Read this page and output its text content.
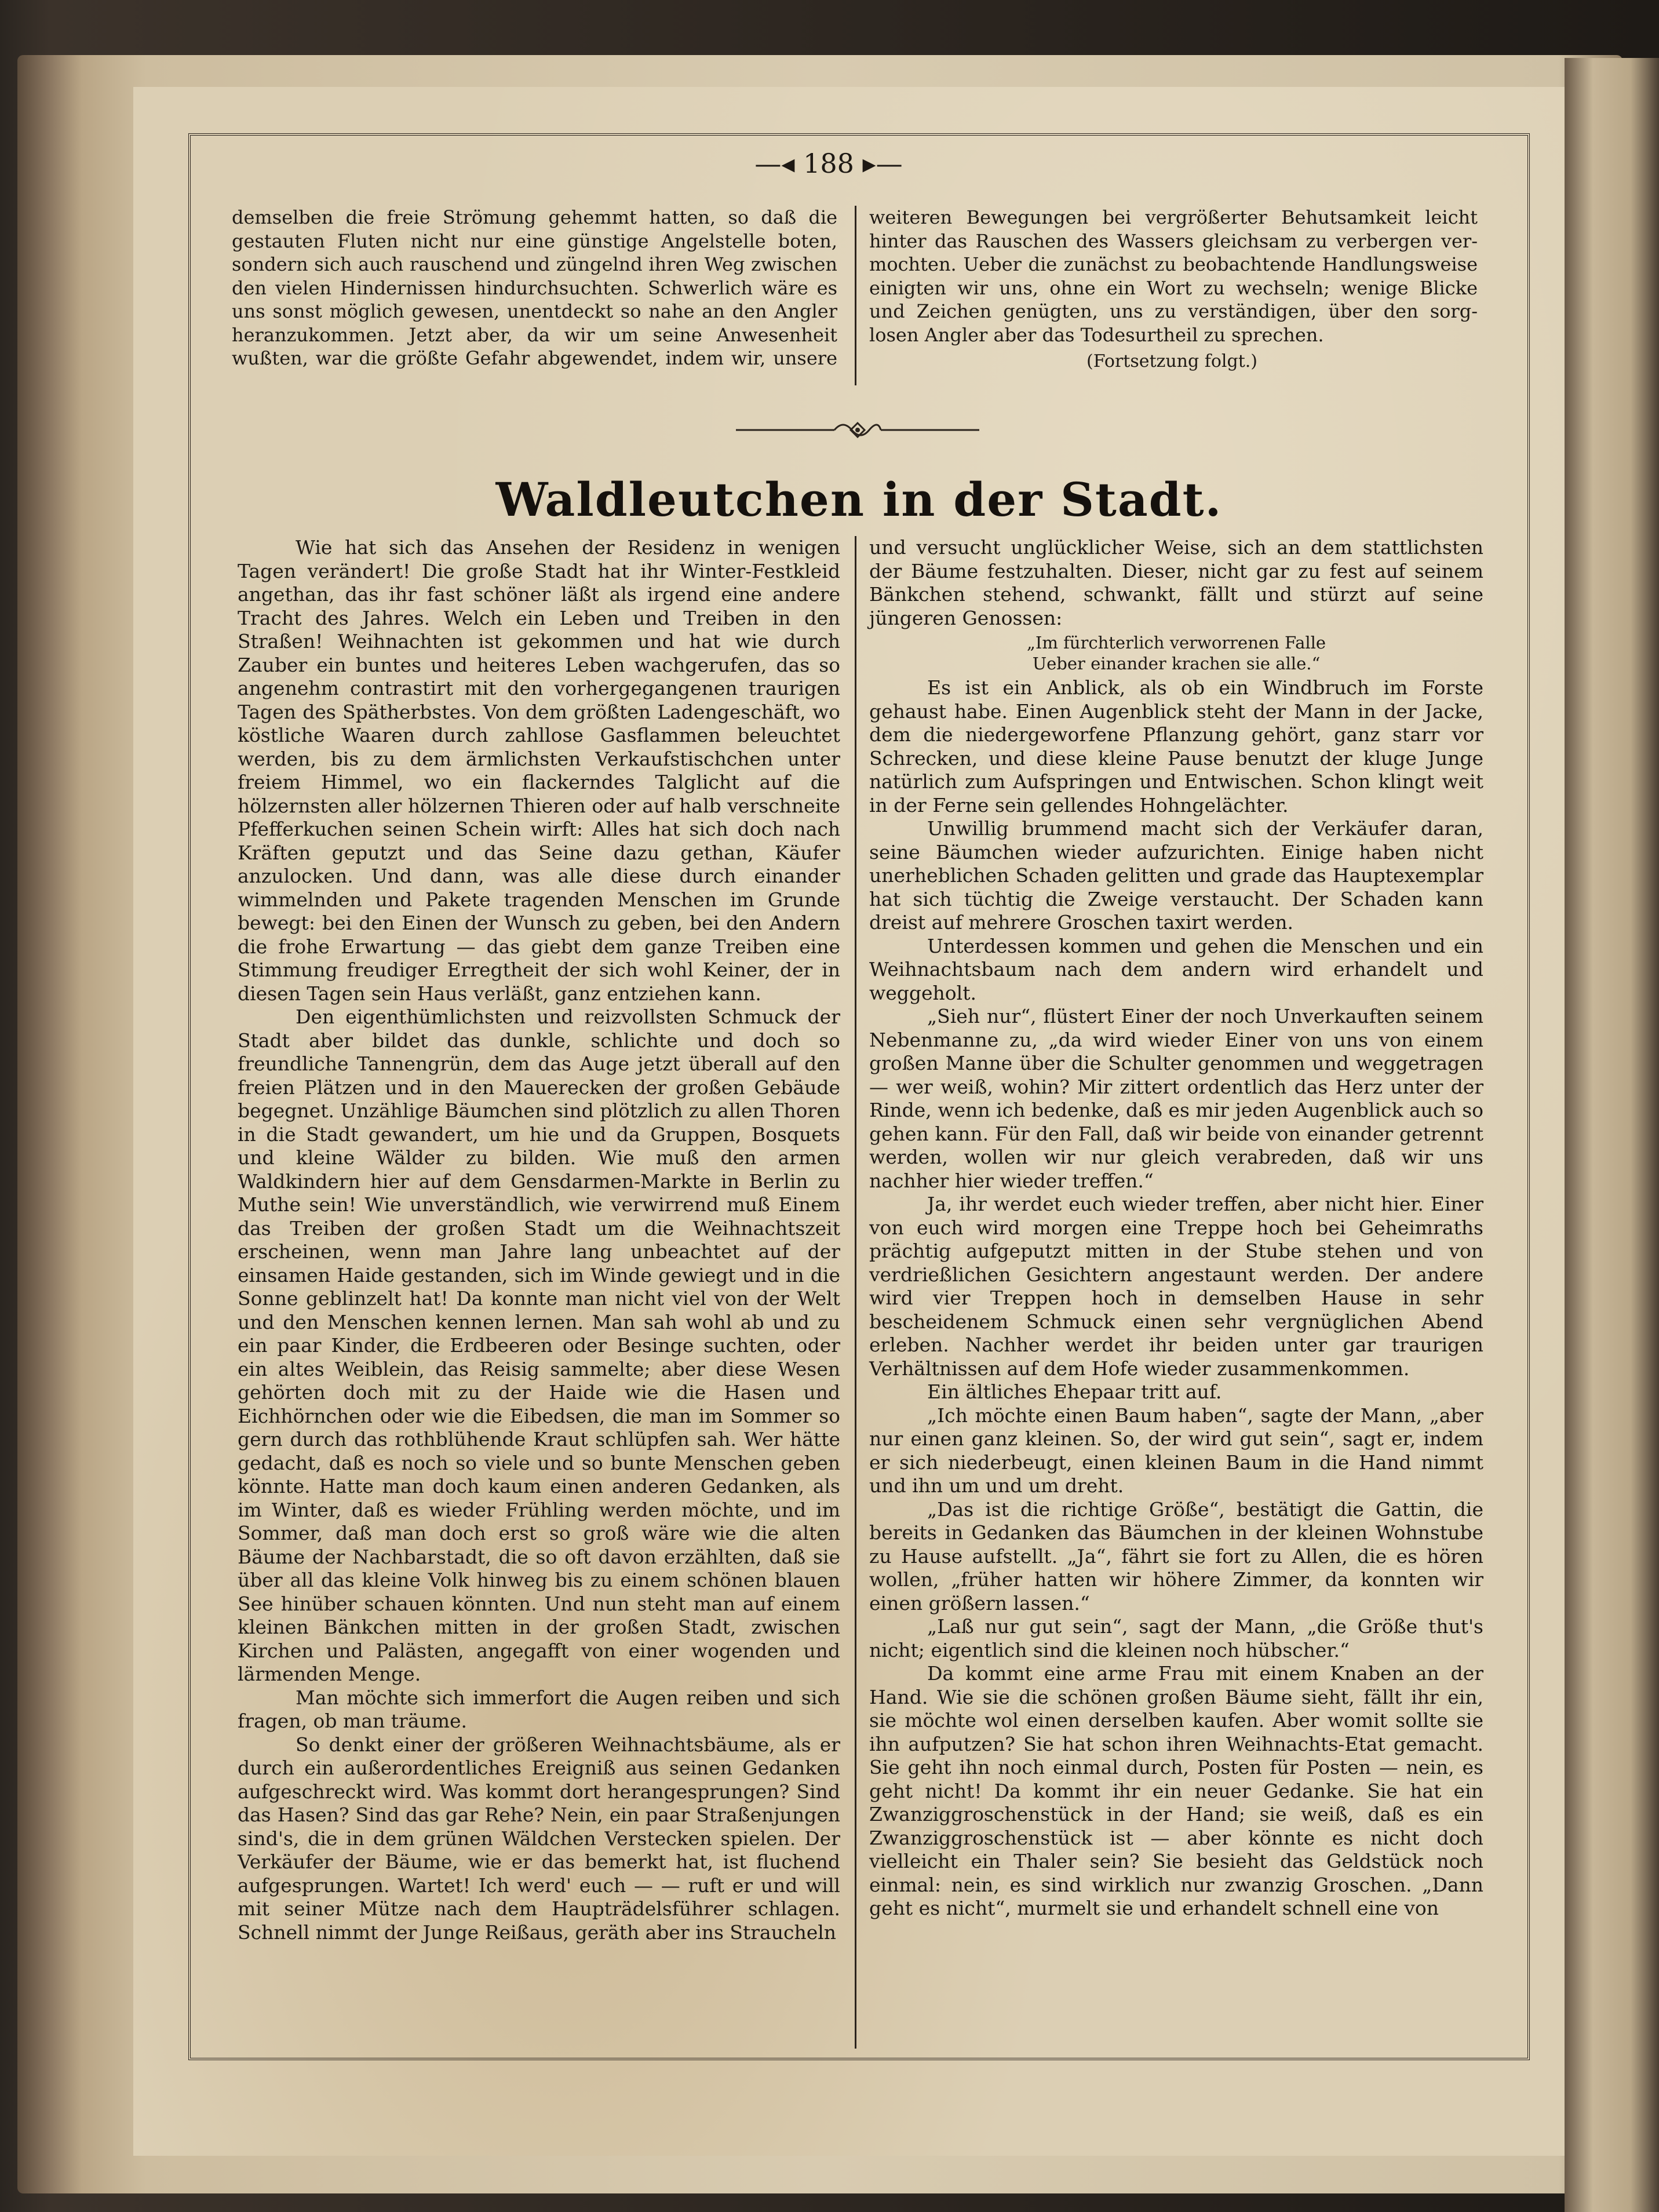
—◂ 188 ▸—
demselben die freie Strömung gehemmt hatten, so daß die
gestauten Fluten nicht nur eine günstige Angelstelle boten,
sondern sich auch rauschend und züngelnd ihren Weg zwischen
den vielen Hindernissen hindurchsuchten. Schwerlich wäre es
uns sonst möglich gewesen, unentdeckt so nahe an den Angler
heranzukommen. Jetzt aber, da wir um seine Anwesenheit
wußten, war die größte Gefahr abgewendet, indem wir, unsere
weiteren Bewegungen bei vergrößerter Behutsamkeit leicht
hinter das Rauschen des Wassers gleichsam zu verbergen ver-
mochten. Ueber die zunächst zu beobachtende Handlungsweise
einigten wir uns, ohne ein Wort zu wechseln; wenige Blicke
und Zeichen genügten, uns zu verständigen, über den sorg-
losen Angler aber das Todesurtheil zu sprechen.
(Fortsetzung folgt.)
Waldleutchen in der Stadt.

Wie hat sich das Ansehen der Residenz in wenigen Tagen verändert! Die große Stadt hat ihr Winter-Festkleid angethan, das ihr fast schöner läßt als irgend eine andere Tracht des Jahres. Welch ein Leben und Treiben in den Straßen! Weihnachten ist gekommen und hat wie durch Zauber ein buntes und heiteres Leben wachgerufen, das so angenehm contrastirt mit den vorhergegangenen traurigen Tagen des Spätherbstes. Von dem größten Ladengeschäft, wo köstliche Waaren durch zahllose Gasflammen beleuchtet werden, bis zu dem ärmlichsten Verkaufstischchen unter freiem Himmel, wo ein flackerndes Talglicht auf die hölzernsten aller hölzernen Thieren oder auf halb verschneite Pfefferkuchen seinen Schein wirft: Alles hat sich doch nach Kräften geputzt und das Seine dazu gethan, Käufer anzulocken. Und dann, was alle diese durch einander wimmelnden und Pakete tragenden Menschen im Grunde bewegt: bei den Einen der Wunsch zu geben, bei den Andern die frohe Erwartung — das giebt dem ganze Treiben eine Stimmung freudiger Erregtheit der sich wohl Keiner, der in diesen Tagen sein Haus verläßt, ganz entziehen kann.

Den eigenthümlichsten und reizvollsten Schmuck der Stadt aber bildet das dunkle, schlichte und doch so freundliche Tannengrün, dem das Auge jetzt überall auf den freien Plätzen und in den Mauerecken der großen Gebäude begegnet. Unzählige Bäumchen sind plötzlich zu allen Thoren in die Stadt gewandert, um hie und da Gruppen, Bosquets und kleine Wälder zu bilden. Wie muß den armen Waldkindern hier auf dem Gensdarmen-Markte in Berlin zu Muthe sein! Wie unverständlich, wie verwirrend muß Einem das Treiben der großen Stadt um die Weihnachtszeit erscheinen, wenn man Jahre lang unbeachtet auf der einsamen Haide gestanden, sich im Winde gewiegt und in die Sonne geblinzelt hat! Da konnte man nicht viel von der Welt und den Menschen kennen lernen. Man sah wohl ab und zu ein paar Kinder, die Erdbeeren oder Besinge suchten, oder ein altes Weiblein, das Reisig sammelte; aber diese Wesen gehörten doch mit zu der Haide wie die Hasen und Eichhörnchen oder wie die Eibedsen, die man im Sommer so gern durch das rothblühende Kraut schlüpfen sah. Wer hätte gedacht, daß es noch so viele und so bunte Menschen geben könnte. Hatte man doch kaum einen anderen Gedanken, als im Winter, daß es wieder Frühling werden möchte, und im Sommer, daß man doch erst so groß wäre wie die alten Bäume der Nachbarstadt, die so oft davon erzählten, daß sie über all das kleine Volk hinweg bis zu einem schönen blauen See hinüber schauen könnten. Und nun steht man auf einem kleinen Bänkchen mitten in der großen Stadt, zwischen Kirchen und Palästen, angegafft von einer wogenden und lärmenden Menge.

Man möchte sich immerfort die Augen reiben und sich fragen, ob man träume.

So denkt einer der größeren Weihnachtsbäume, als er durch ein außerordentliches Ereigniß aus seinen Gedanken aufgeschreckt wird. Was kommt dort herangesprungen? Sind das Hasen? Sind das gar Rehe? Nein, ein paar Straßenjungen sind's, die in dem grünen Wäldchen Verstecken spielen. Der Verkäufer der Bäume, wie er das bemerkt hat, ist fluchend aufgesprungen. Wartet! Ich werd' euch — — ruft er und will mit seiner Mütze nach dem Haupträdelsführer schlagen. Schnell nimmt der Junge Reißaus, geräth aber ins Straucheln

und versucht unglücklicher Weise, sich an dem stattlichsten der Bäume festzuhalten. Dieser, nicht gar zu fest auf seinem Bänkchen stehend, schwankt, fällt und stürzt auf seine jüngeren Genossen:

„Im fürchterlich verworrenen Falle
Ueber einander krachen sie alle.“

Es ist ein Anblick, als ob ein Windbruch im Forste gehaust habe. Einen Augenblick steht der Mann in der Jacke, dem die niedergeworfene Pflanzung gehört, ganz starr vor Schrecken, und diese kleine Pause benutzt der kluge Junge natürlich zum Aufspringen und Entwischen. Schon klingt weit in der Ferne sein gellendes Hohngelächter.

Unwillig brummend macht sich der Verkäufer daran, seine Bäumchen wieder aufzurichten. Einige haben nicht unerheblichen Schaden gelitten und grade das Hauptexemplar hat sich tüchtig die Zweige verstaucht. Der Schaden kann dreist auf mehrere Groschen taxirt werden.

Unterdessen kommen und gehen die Menschen und ein Weihnachtsbaum nach dem andern wird erhandelt und weggeholt.

„Sieh nur“, flüstert Einer der noch Unverkauften seinem Nebenmanne zu, „da wird wieder Einer von uns von einem großen Manne über die Schulter genommen und weggetragen — wer weiß, wohin? Mir zittert ordentlich das Herz unter der Rinde, wenn ich bedenke, daß es mir jeden Augenblick auch so gehen kann. Für den Fall, daß wir beide von einander getrennt werden, wollen wir nur gleich verabreden, daß wir uns nachher hier wieder treffen.“

Ja, ihr werdet euch wieder treffen, aber nicht hier. Einer von euch wird morgen eine Treppe hoch bei Geheimraths prächtig aufgeputzt mitten in der Stube stehen und von verdrießlichen Gesichtern angestaunt werden. Der andere wird vier Treppen hoch in demselben Hause in sehr bescheidenem Schmuck einen sehr vergnüglichen Abend erleben. Nachher werdet ihr beiden unter gar traurigen Verhältnissen auf dem Hofe wieder zusammenkommen.

Ein ältliches Ehepaar tritt auf.

„Ich möchte einen Baum haben“, sagte der Mann, „aber nur einen ganz kleinen. So, der wird gut sein“, sagt er, indem er sich niederbeugt, einen kleinen Baum in die Hand nimmt und ihn um und um dreht.

„Das ist die richtige Größe“, bestätigt die Gattin, die bereits in Gedanken das Bäumchen in der kleinen Wohnstube zu Hause aufstellt. „Ja“, fährt sie fort zu Allen, die es hören wollen, „früher hatten wir höhere Zimmer, da konnten wir einen größern lassen.“

„Laß nur gut sein“, sagt der Mann, „die Größe thut's nicht; eigentlich sind die kleinen noch hübscher.“

Da kommt eine arme Frau mit einem Knaben an der Hand. Wie sie die schönen großen Bäume sieht, fällt ihr ein, sie möchte wol einen derselben kaufen. Aber womit sollte sie ihn aufputzen? Sie hat schon ihren Weihnachts-Etat gemacht. Sie geht ihn noch einmal durch, Posten für Posten — nein, es geht nicht! Da kommt ihr ein neuer Gedanke. Sie hat ein Zwanziggroschenstück in der Hand; sie weiß, daß es ein Zwanziggroschenstück ist — aber könnte es nicht doch vielleicht ein Thaler sein? Sie besieht das Geldstück noch einmal: nein, es sind wirklich nur zwanzig Groschen. „Dann geht es nicht“, murmelt sie und erhandelt schnell eine von
